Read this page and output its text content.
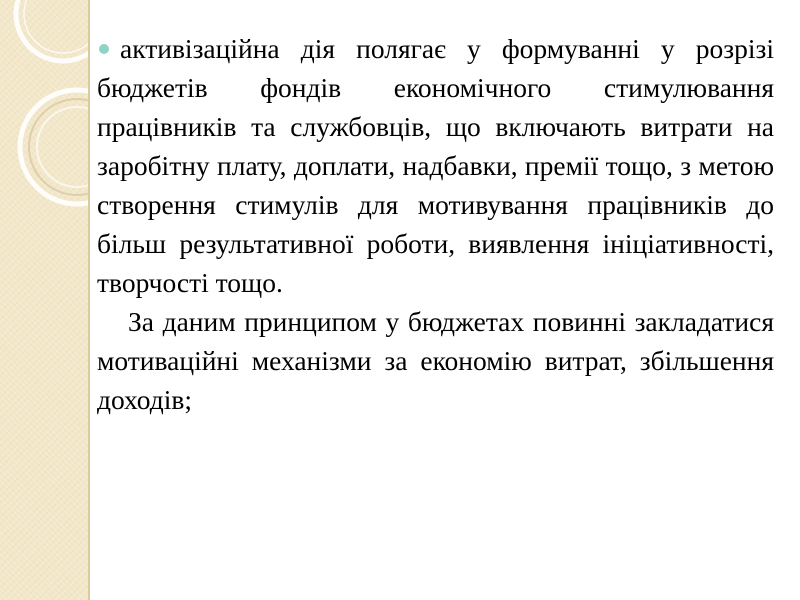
активізаційна дія полягає у формуванні у розрізі бюджетів фондів економічного стимулювання працівників та службовців, що включають витрати на заробітну плату, доплати, надбавки, премії тощо, з метою створення стимулів для мотивування працівників до більш результативної роботи, виявлення ініціативності, творчості тощо.

За даним принципом у бюджетах повинні закладатися мотиваційні механізми за економію витрат, збільшення доходів;
